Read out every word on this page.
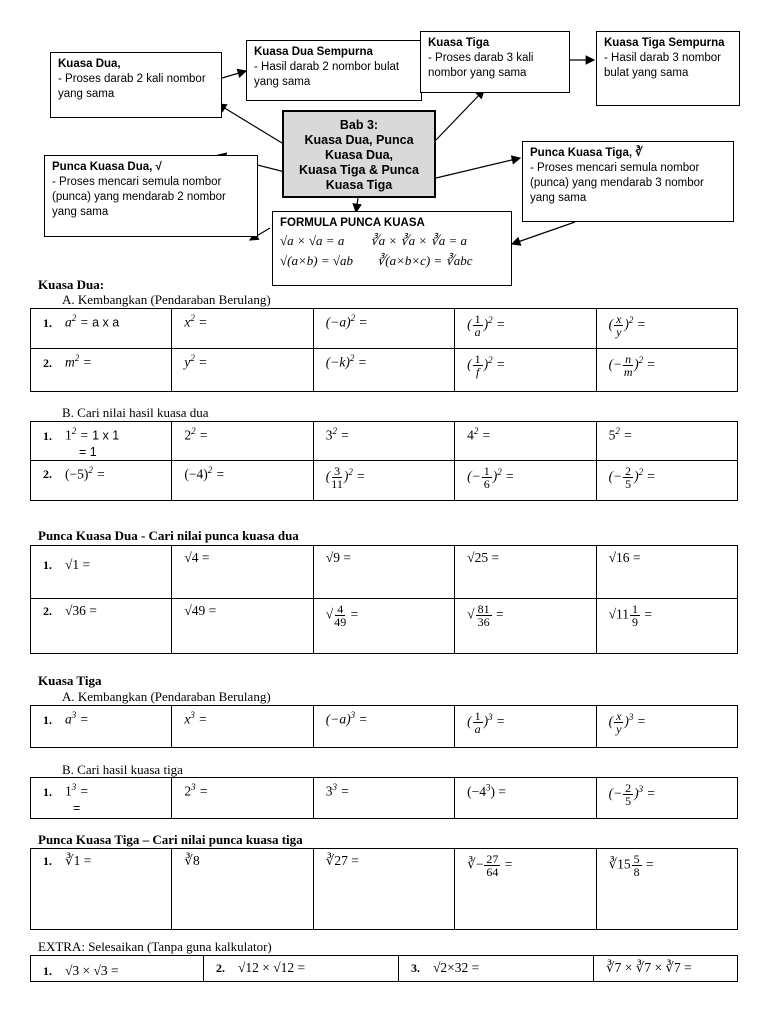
Kuasa Dua,
- Proses darab 2 kali nombor yang sama
Kuasa Dua Sempurna
- Hasil darab 2 nombor bulat yang sama
Kuasa Tiga
- Proses darab 3 kali nombor yang sama
Kuasa Tiga Sempurna
- Hasil darab 3 nombor bulat yang sama
Bab 3:
Kuasa Dua, Punca
Kuasa Dua,
Kuasa Tiga & Punca
Kuasa Tiga
Punca Kuasa Dua, √
- Proses mencari semula nombor (punca) yang mendarab 2 nombor yang sama
Punca Kuasa Tiga, ∛
- Proses mencari semula nombor (punca) yang mendarab 3 nombor yang sama
FORMULA PUNCA KUASA
√a × √a = a ∛a × ∛a × ∛a = a
√(a×b) = √ab ∛(a×b×c) = ∛abc
Kuasa Dua:
A. Kembangkan (Pendaraban Berulang)
1. $a^2 = a$ x a	$x^2$ =	$(-a)^2$ =	( $\frac{1}{a} )^2$ =	( $\frac{x}{y} )^2$ =
2. $m^2$ =	$y^2$ =	$(-k)^2$ =	( $\frac{1}{f} )^2$ =	(− $\frac{n}{m} )^2$ =
B. Cari nilai hasil kuasa dua
1. $1^2 = 1$ x 1
= 1	$2^2$ =	$3^2$ =	$4^2$ =	$5^2$ =
2. $(-5)^2$ =	$(-4)^2$ =	( $\frac{3}{11} )^2$ =	(− $\frac{1}{6} )^2$ =	(− $\frac{2}{5} )^2$ =
Punca Kuasa Dua - Cari nilai punca kuasa dua
1. √1 =	√4 =	√9 =	√25 =	√16 =
2. √36 =	√49 =	√ $\frac{4}{49}$ =	√ $\frac{81}{36}$ =	$√11 \frac{1}{9}$ =
Kuasa Tiga
A. Kembangkan (Pendaraban Berulang)
1. $a^3$ =	$x^3$ =	$(-a)^3$ =	( $\frac{1}{a} )^3$ =	( $\frac{x}{y} )^3$ =
B. Cari hasil kuasa tiga
1. $1^3$ =
=	$2^3$ =	$3^3$ =	$(-4^3)$ =	(− $\frac{2}{5} )^3$ =
Punca Kuasa Tiga – Cari nilai punca kuasa tiga
1. ∛1 =	∛8	∛27 =	∛− $\frac{27}{64}$ =	∛15 $\frac{5}{8}$ =
EXTRA: Selesaikan (Tanpa guna kalkulator)
1. √3 × √3 =	2. √12 × √12 =	3. √2×32 =	∛7 × ∛7 × ∛7 =
